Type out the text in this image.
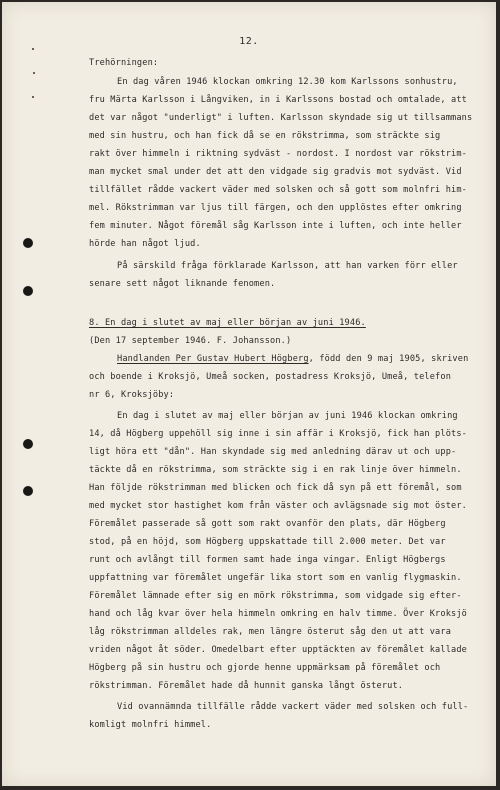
12.
Trehörningen:
En dag våren 1946 klockan omkring 12.30 kom Karlssons sonhustru,
fru Märta Karlsson i Långviken, in i Karlssons bostad och omtalade, att
det var något "underligt" i luften. Karlsson skyndade sig ut tillsammans
med sin hustru, och han fick då se en rökstrimma, som sträckte sig
rakt över himmeln i riktning sydväst - nordost. I nordost var rökstrim-
man mycket smal under det att den vidgade sig gradvis mot sydväst. Vid
tillfället rådde vackert väder med solsken och så gott som molnfri him-
mel. Rökstrimman var ljus till färgen, och den upplöstes efter omkring
fem minuter. Något föremål såg Karlsson inte i luften, och inte heller
hörde han något ljud.
På särskild fråga förklarade Karlsson, att han varken förr eller
senare sett något liknande fenomen.
8. En dag i slutet av maj eller början av juni 1946.
(Den 17 september 1946. F. Johansson.)
Handlanden Per Gustav Hubert Högberg, född den 9 maj 1905, skriven
och boende i Kroksjö, Umeå socken, postadress Kroksjö, Umeå, telefon
nr 6, Kroksjöby:
En dag i slutet av maj eller början av juni 1946 klockan omkring
14, då Högberg uppehöll sig inne i sin affär i Kroksjö, fick han plöts-
ligt höra ett "dån". Han skyndade sig med anledning därav ut och upp-
täckte då en rökstrimma, som sträckte sig i en rak linje över himmeln.
Han följde rökstrimman med blicken och fick då syn på ett föremål, som
med mycket stor hastighet kom från väster och avlägsnade sig mot öster.
Föremålet passerade så gott som rakt ovanför den plats, där Högberg
stod, på en höjd, som Högberg uppskattade till 2.000 meter. Det var
runt och avlångt till formen samt hade inga vingar. Enligt Högbergs
uppfattning var föremålet ungefär lika stort som en vanlig flygmaskin.
Föremålet lämnade efter sig en mörk rökstrimma, som vidgade sig efter-
hand och låg kvar över hela himmeln omkring en halv timme. Över Kroksjö
låg rökstrimman alldeles rak, men längre österut såg den ut att vara
vriden något åt söder. Omedelbart efter upptäckten av föremålet kallade
Högberg på sin hustru och gjorde henne uppmärksam på föremålet och
rökstrimman. Föremålet hade då hunnit ganska långt österut.
Vid ovannämnda tillfälle rådde vackert väder med solsken och full-
komligt molnfri himmel.
